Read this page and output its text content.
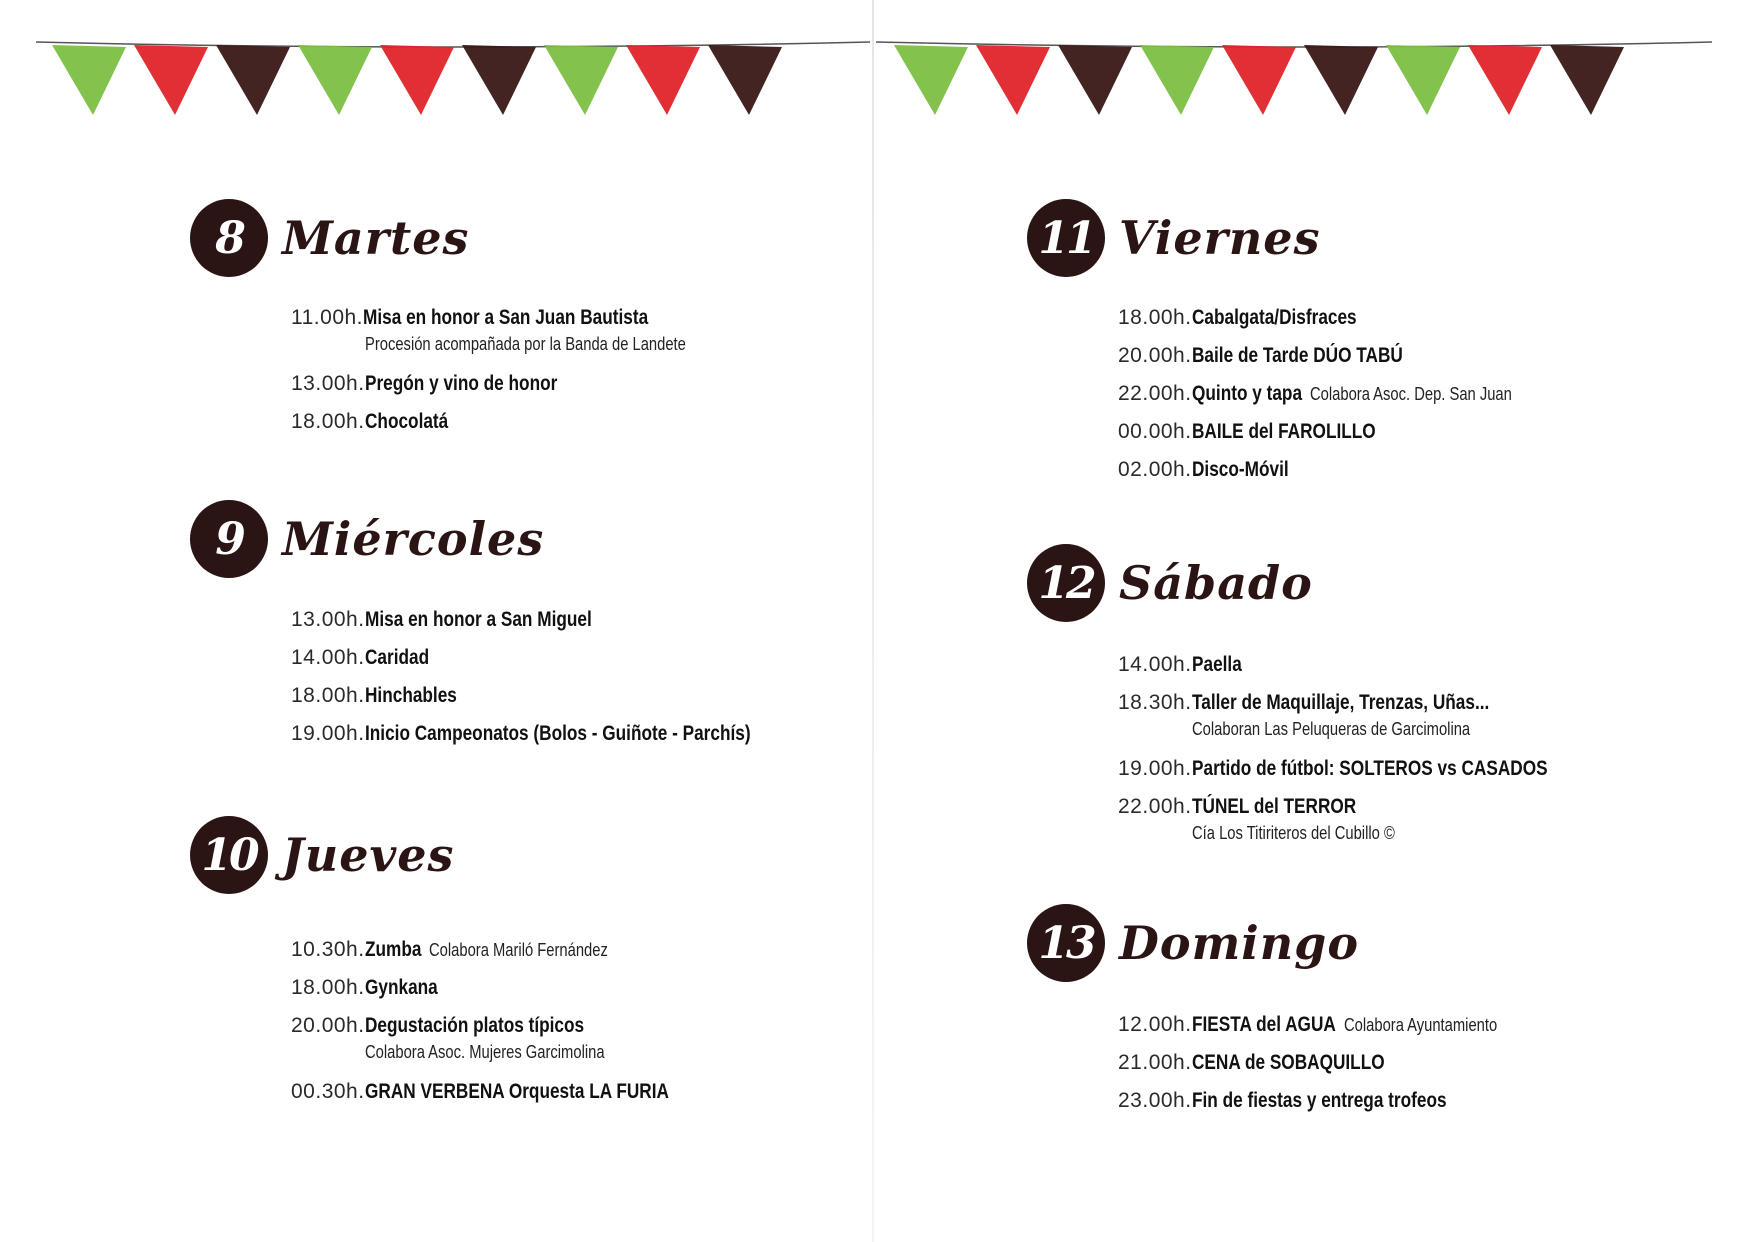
8 Martes
11.00h.Misa en honor a San Juan Bautista
Procesión acompañada por la Banda de Landete
13.00h.Pregón y vino de honor
18.00h.Chocolatá
9 Miércoles
13.00h.Misa en honor a San Miguel
14.00h.Caridad
18.00h.Hinchables
19.00h.Inicio Campeonatos (Bolos - Guiñote - Parchís)
10 Jueves
10.30h.Zumba Colabora Mariló Fernández
18.00h.Gynkana
20.00h.Degustación platos típicos
Colabora Asoc. Mujeres Garcimolina
00.30h.GRAN VERBENA Orquesta LA FURIA
11 Viernes
18.00h.Cabalgata/Disfraces
20.00h.Baile de Tarde DÚO TABÚ
22.00h.Quinto y tapa Colabora Asoc. Dep. San Juan
00.00h.BAILE del FAROLILLO
02.00h.Disco-Móvil
12 Sábado
14.00h.Paella
18.30h.Taller de Maquillaje, Trenzas, Uñas...
Colaboran Las Peluqueras de Garcimolina
19.00h.Partido de fútbol: SOLTEROS vs CASADOS
22.00h.TÚNEL del TERROR
Cía Los Titiriteros del Cubillo ©
13 Domingo
12.00h.FIESTA del AGUA Colabora Ayuntamiento
21.00h.CENA de SOBAQUILLO
23.00h.Fin de fiestas y entrega trofeos
